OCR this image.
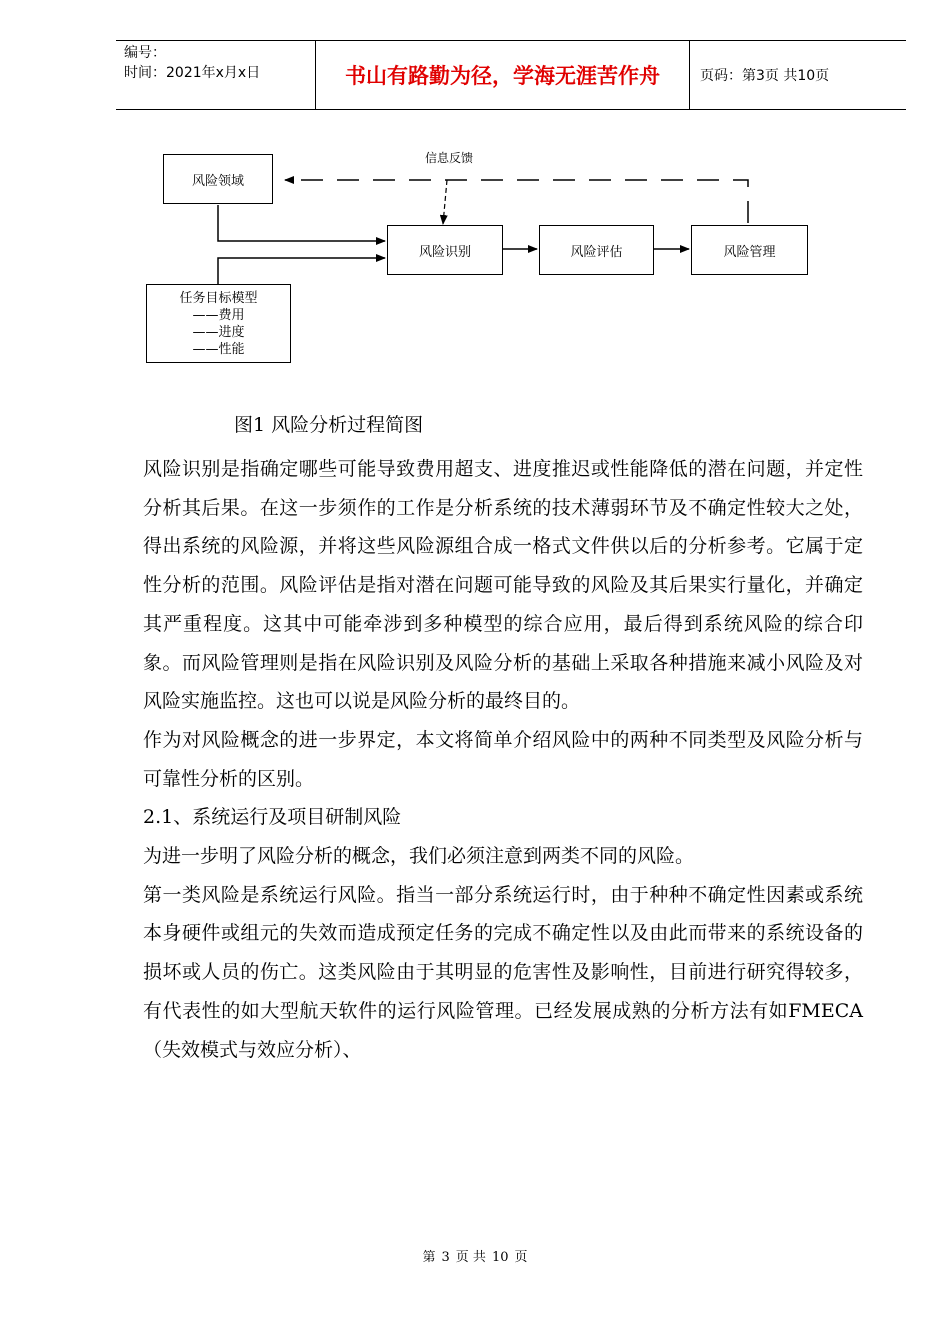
编号：
时间：2021年x月x日	书山有路勤为径，学海无涯苦作舟	页码：第3页 共10页
信息反馈
风险领域
风险识别	风险评估	风险管理
任务目标模型
——费用
——进度
——性能
图1 风险分析过程简图

风险识别是指确定哪些可能导致费用超支、进度推迟或性能降低的潜在问题，并定性分析其后果。在这一步须作的工作是分析系统的技术薄弱环节及不确定性较大之处，得出系统的风险源，并将这些风险源组合成一格式文件供以后的分析参考。它属于定性分析的范围。风险评估是指对潜在问题可能导致的风险及其后果实行量化，并确定其严重程度。这其中可能牵涉到多种模型的综合应用，最后得到系统风险的综合印象。而风险管理则是指在风险识别及风险分析的基础上采取各种措施来减小风险及对风险实施监控。这也可以说是风险分析的最终目的。

作为对风险概念的进一步界定，本文将简单介绍风险中的两种不同类型及风险分析与可靠性分析的区别。

2.1、系统运行及项目研制风险

为进一步明了风险分析的概念，我们必须注意到两类不同的风险。

第一类风险是系统运行风险。指当一部分系统运行时，由于种种不确定性因素或系统本身硬件或组元的失效而造成预定任务的完成不确定性以及由此而带来的系统设备的损坏或人员的伤亡。这类风险由于其明显的危害性及影响性，目前进行研究得较多，有代表性的如大型航天软件的运行风险管理。已经发展成熟的分析方法有如FMECA（失效模式与效应分析）、

第 3 页 共 10 页
